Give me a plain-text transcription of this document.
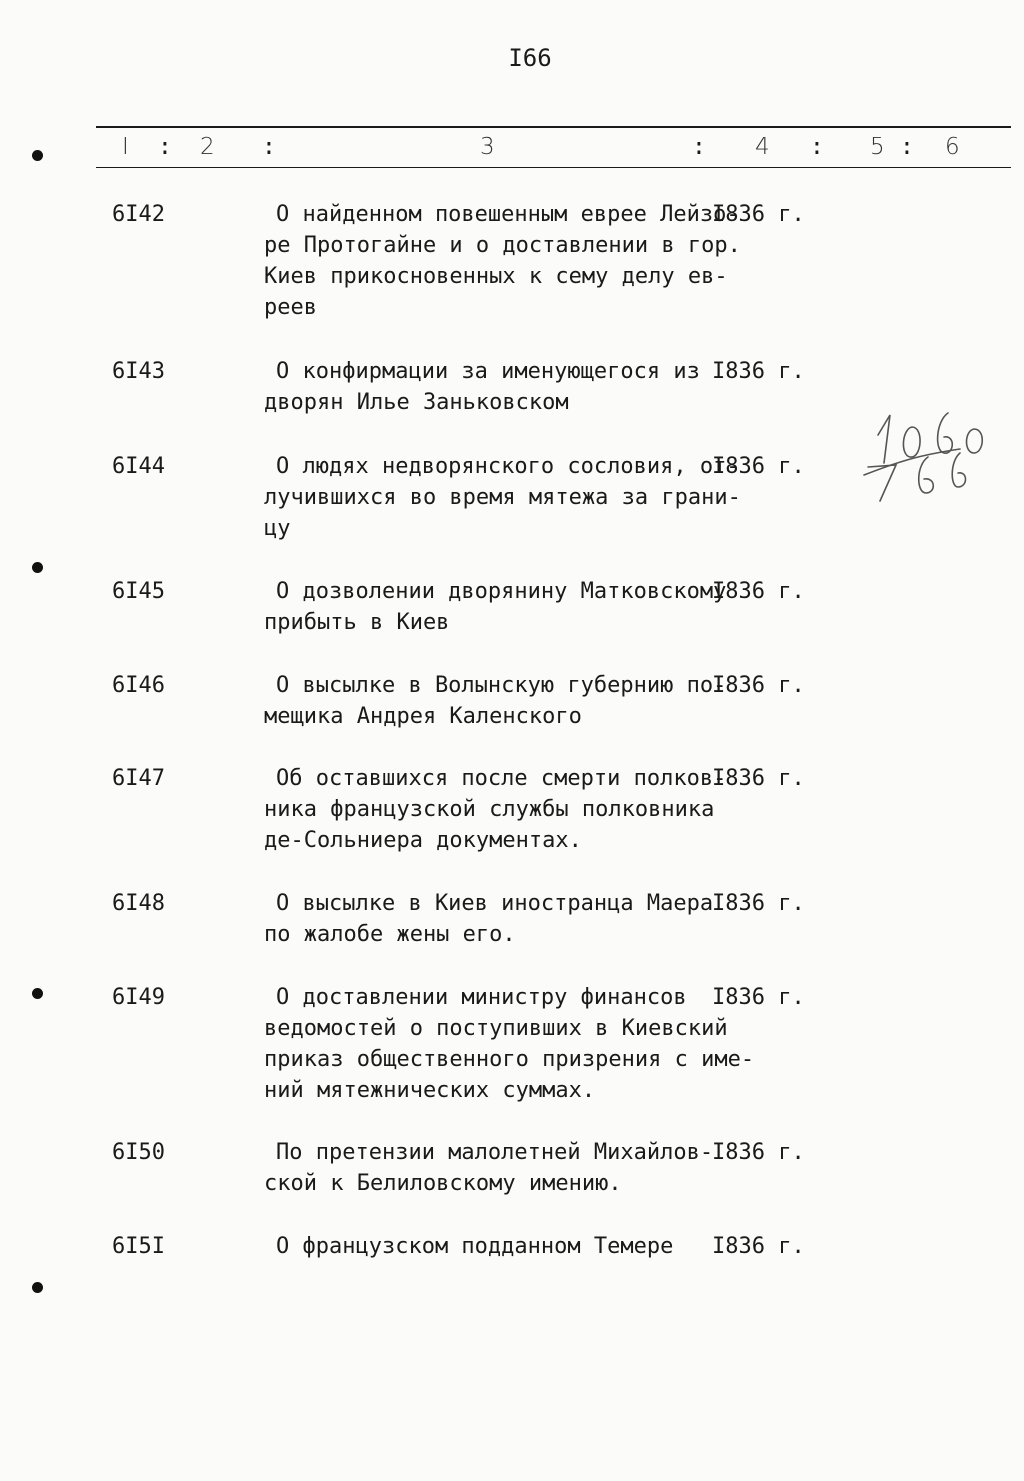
I66
I : 2 :	3	: 4 : 5 : 6
6I42	О найденном повешенным еврее Лейзо-
ре Протогайне и о доставлении в гор.
Киев прикосновенных к сему делу ев-
реев
I836 г.
6I43	О конфирмации за именующегося из
дворян Илье Заньковском
I836 г.
6I44	О людях недворянского сословия, от-
лучившихся во время мятежа за грани-
цу
I836 г.
6I45	О дозволении дворянину Матковскому
прибыть в Киев
I836 г.
6I46	О высылке в Волынскую губернию по-
мещика Андрея Каленского
I836 г.
6I47	Об оставшихся после смерти полков-
ника французской службы полковника
де-Сольниера документах.
I836 г.
6I48	О высылке в Киев иностранца Маера
по жалобе жены его.
I836 г.
6I49	О доставлении министру финансов
ведомостей о поступивших в Киевский
приказ общественного призрения с име-
ний мятежнических суммах.
I836 г.
6I50	По претензии малолетней Михайлов-
ской к Белиловскому имению.
I836 г.
6I5I	О французском подданном Темере I836 г.
